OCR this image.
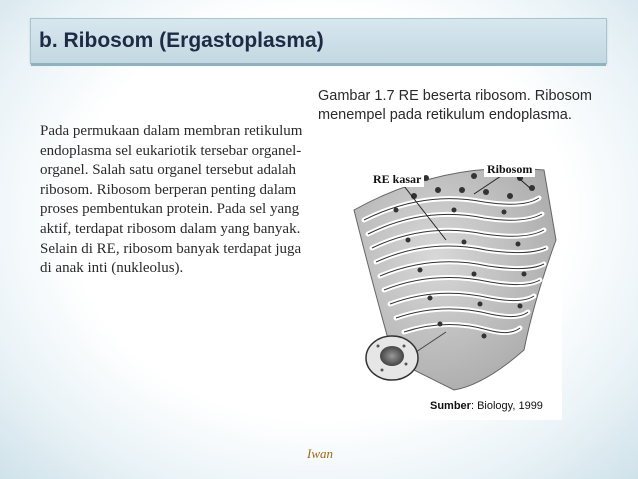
b. Ribosom (Ergastoplasma)
Pada permukaan dalam membran retikulum endoplasma sel eukariotik tersebar organel-organel. Salah satu organel tersebut adalah ribosom. Ribosom berperan penting dalam proses pembentukan protein. Pada sel yang aktif, terdapat ribosom dalam yang banyak. Selain di RE, ribosom banyak terdapat juga di anak inti (nukleolus).
Gambar 1.7 RE beserta ribosom. Ribosom menempel pada retikulum endoplasma.
RE kasar
Ribosom
Sumber: Biology, 1999
Iwan
